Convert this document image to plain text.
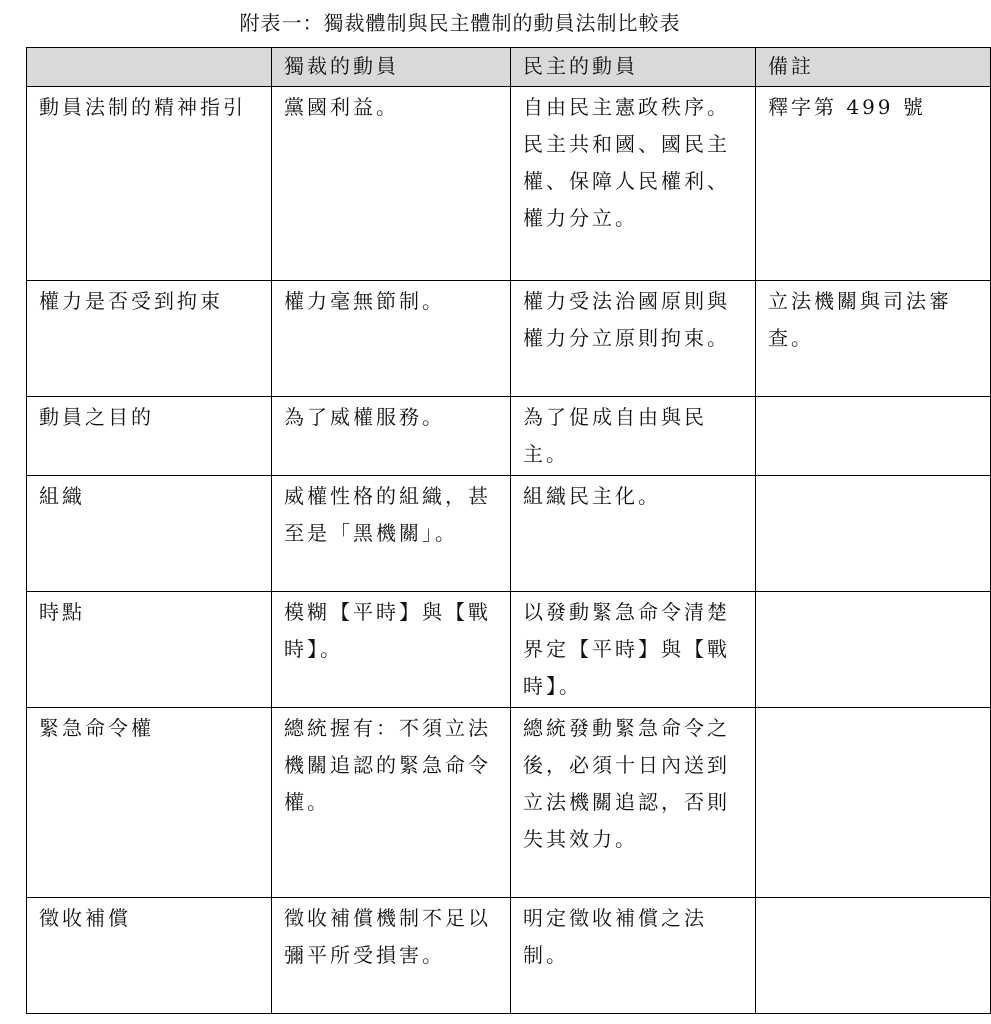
附表一：獨裁體制與民主體制的動員法制比較表
	獨裁的動員	民主的動員	備註
動員法制的精神指引	黨國利益。	自由民主憲政秩序。民主共和國、國民主權、保障人民權利、權力分立。	釋字第 499 號
權力是否受到拘束	權力毫無節制。	權力受法治國原則與權力分立原則拘束。	立法機關與司法審查。
動員之目的	為了威權服務。	為了促成自由與民主。	
組織	威權性格的組織，甚至是「黑機關」。	組織民主化。	
時點	模糊【平時】與【戰時】。	以發動緊急命令清楚界定【平時】與【戰時】。	
緊急命令權	總統握有：不須立法機關追認的緊急命令權。	總統發動緊急命令之後，必須十日內送到立法機關追認，否則失其效力。	
徵收補償	徵收補償機制不足以彌平所受損害。	明定徵收補償之法制。	
